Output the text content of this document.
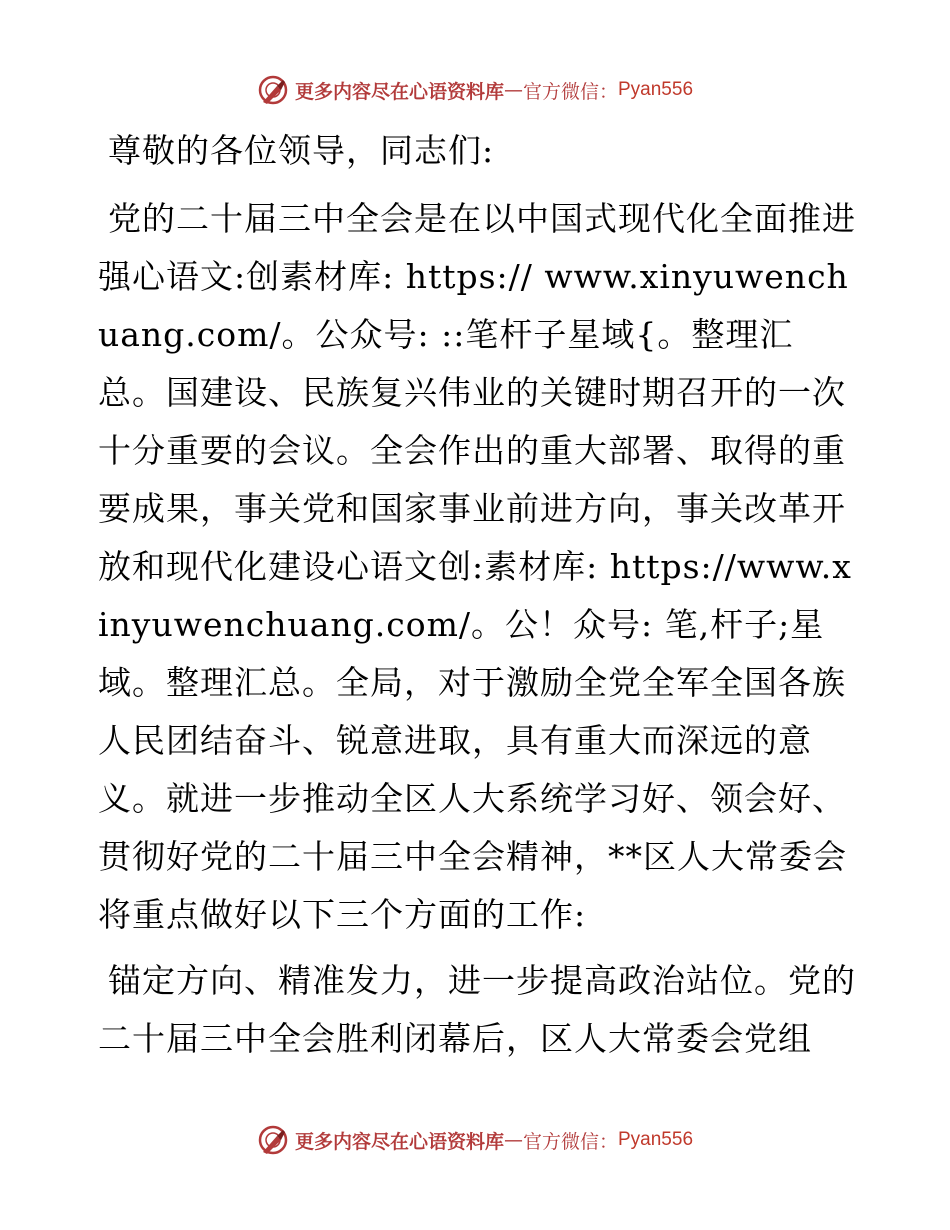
更多内容尽在心语资料库 — 官方微信： Pyan556

尊敬的各位领导，同志们:

党的二十届三中全会是在以中国式现代化全面推进强心语文:创素材库: https:// www.xinyuwenchuang.com/。公众号: ::笔杆子星域{。整理汇总。国建设、民族复兴伟业的关键时期召开的一次十分重要的会议。全会作出的重大部署、取得的重要成果，事关党和国家事业前进方向，事关改革开放和现代化建设心语文创:素材库: https://www.xinyuwenchuang.com/。公！众号: 笔,杆子;星域。整理汇总。全局，对于激励全党全军全国各族人民团结奋斗、锐意进取，具有重大而深远的意义。就进一步推动全区人大系统学习好、领会好、贯彻好党的二十届三中全会精神，**区人大常委会将重点做好以下三个方面的工作:

锚定方向、精准发力，进一步提高政治站位。党的二十届三中全会胜利闭幕后，区人大常委会党组

更多内容尽在心语资料库 — 官方微信： Pyan556
